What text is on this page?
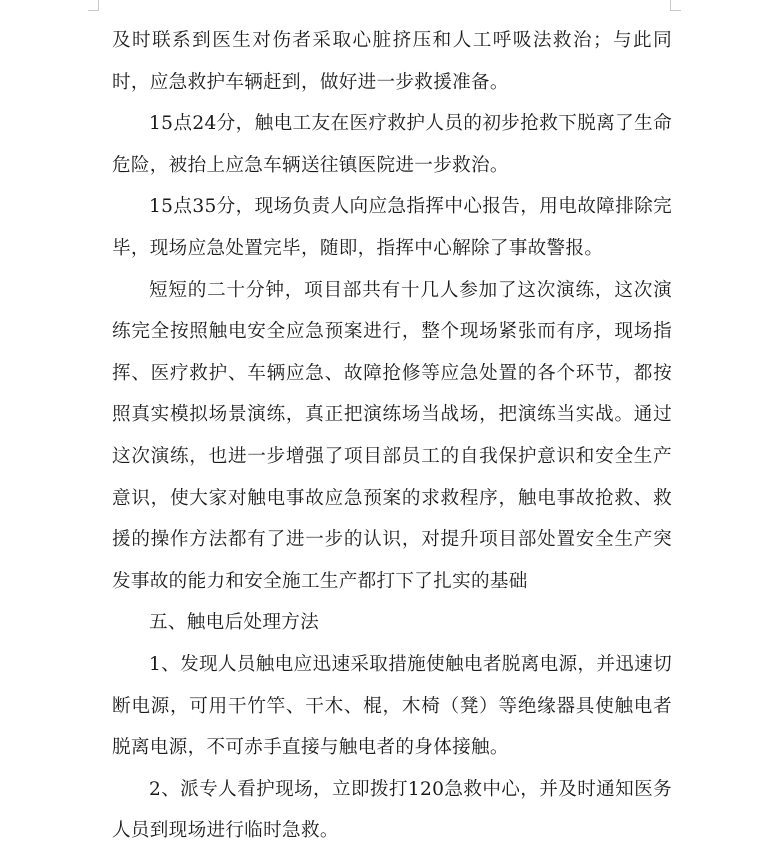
及时联系到医生对伤者采取心脏挤压和人工呼吸法救治；与此同时，应急救护车辆赶到，做好进一步救援准备。

15点24分，触电工友在医疗救护人员的初步抢救下脱离了生命危险，被抬上应急车辆送往镇医院进一步救治。

15点35分，现场负责人向应急指挥中心报告，用电故障排除完毕，现场应急处置完毕，随即，指挥中心解除了事故警报。

短短的二十分钟，项目部共有十几人参加了这次演练，这次演练完全按照触电安全应急预案进行，整个现场紧张而有序，现场指挥、医疗救护、车辆应急、故障抢修等应急处置的各个环节，都按照真实模拟场景演练，真正把演练场当战场，把演练当实战。通过这次演练，也进一步增强了项目部员工的自我保护意识和安全生产意识，使大家对触电事故应急预案的求救程序，触电事故抢救、救援的操作方法都有了进一步的认识，对提升项目部处置安全生产突发事故的能力和安全施工生产都打下了扎实的基础

五、触电后处理方法

1、发现人员触电应迅速采取措施使触电者脱离电源，并迅速切断电源，可用干竹竿、干木、棍，木椅（凳）等绝缘器具使触电者脱离电源，不可赤手直接与触电者的身体接触。

2、派专人看护现场，立即拨打120急救中心，并及时通知医务人员到现场进行临时急救。
